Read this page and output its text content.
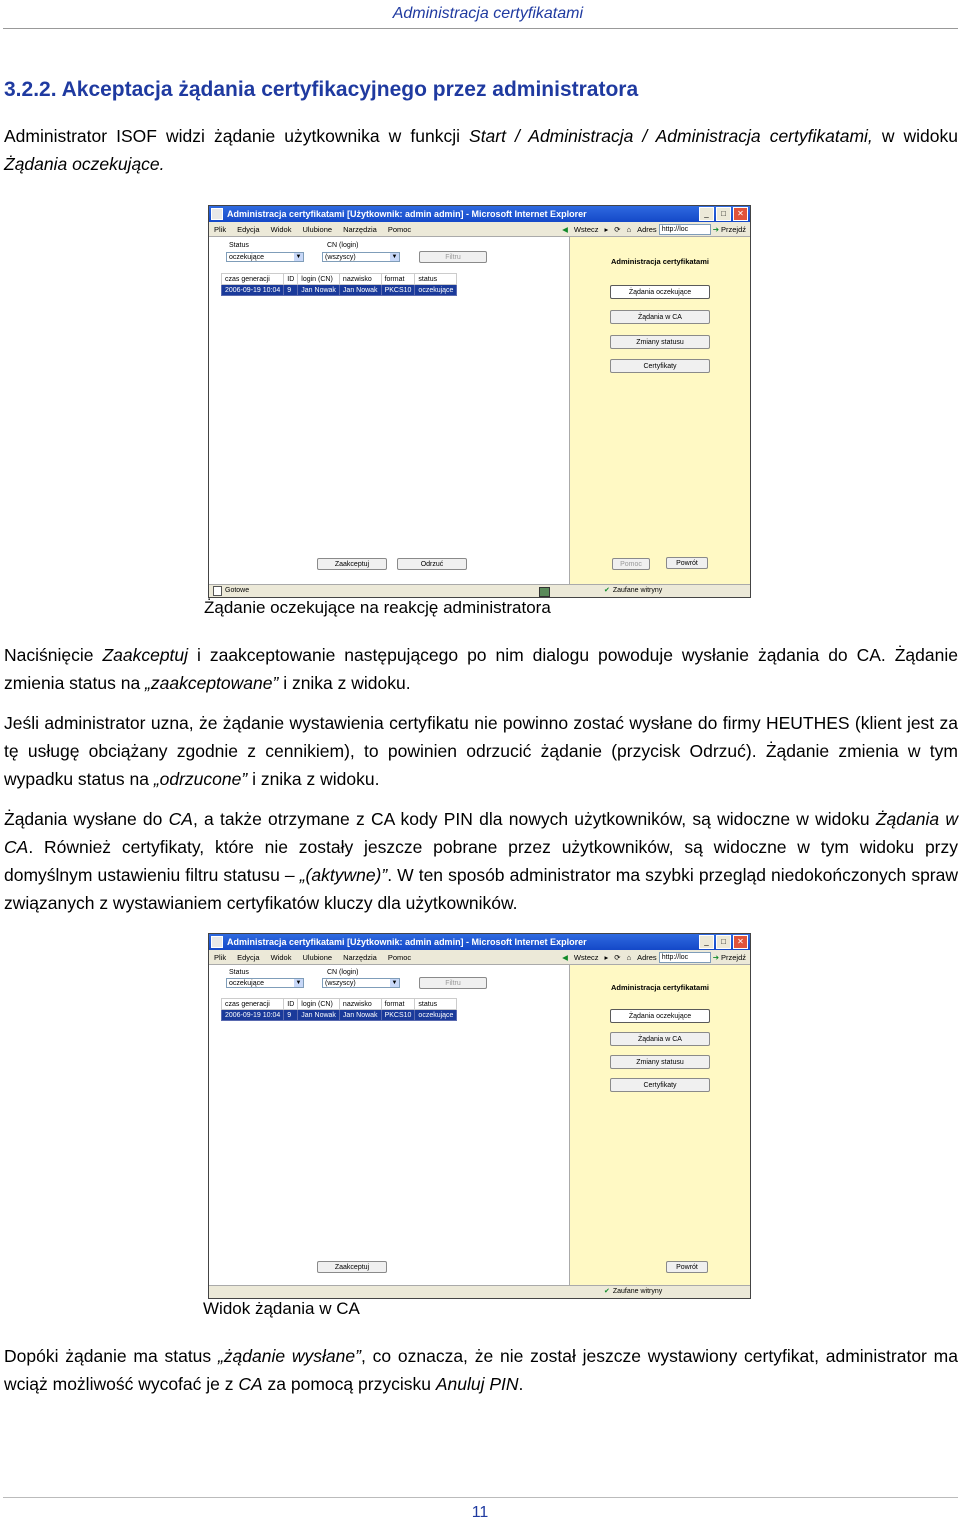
Administracja certyfikatami
3.2.2. Akceptacja żądania certyfikacyjnego przez administratora

Administrator ISOF widzi żądanie użytkownika w funkcji Start / Administracja / Administracja certyfikatami, w widoku Żądania oczekujące.

Administracja certyfikatami [Użytkownik: admin admin] - Microsoft Internet Explorer	_	□	✕
Plik Edycja Widok Ulubione Narzędzia Pomoc	◀ Wstecz ▸ ⟳ ⌂ Adres http://loc	➔ Przejdź
Status
oczekujące	▼
CN (login)
(wszyscy)	▼	Filtru
czas generacji	ID	login (CN)	nazwisko	format	status
2006-09-19 10:04	9	Jan Nowak	Jan Nowak	PKCS10	oczekujące
Zaakceptuj	Odrzuć
Administracja certyfikatami
Żądania oczekujące
Żądania w CA
Zmiany statusu
Certyfikaty
Pomoc	Powrót
Gotowe	✔ Zaufane witryny
Żądanie oczekujące na reakcję administratora

Naciśnięcie Zaakceptuj i zaakceptowanie następującego po nim dialogu powoduje wysłanie żądania do CA. Żądanie zmienia status na „zaakceptowane” i znika z widoku.

Jeśli administrator uzna, że żądanie wystawienia certyfikatu nie powinno zostać wysłane do firmy HEUTHES (klient jest za tę usługę obciążany zgodnie z cennikiem), to powinien odrzucić żądanie (przycisk Odrzuć). Żądanie zmienia w tym wypadku status na „odrzucone” i znika z widoku.

Żądania wysłane do CA, a także otrzymane z CA kody PIN dla nowych użytkowników, są widoczne w widoku Żądania w CA. Również certyfikaty, które nie zostały jeszcze pobrane przez użytkowników, są widoczne w tym widoku przy domyślnym ustawieniu filtru statusu – „(aktywne)”. W ten sposób administrator ma szybki przegląd niedokończonych spraw związanych z wystawianiem certyfikatów kluczy dla użytkowników.

Administracja certyfikatami [Użytkownik: admin admin] - Microsoft Internet Explorer	_	□	✕
Plik Edycja Widok Ulubione Narzędzia Pomoc	◀ Wstecz ▸ ⟳ ⌂ Adres http://loc	➔ Przejdź
Status
oczekujące	▼
CN (login)
(wszyscy)	▼	Filtru
czas generacji	ID	login (CN)	nazwisko	format	status
2006-09-19 10:04	9	Jan Nowak	Jan Nowak	PKCS10	oczekujące
Zaakceptuj
Administracja certyfikatami
Żądania oczekujące
Żądania w CA
Zmiany statusu
Certyfikaty
Powrót
✔ Zaufane witryny
Widok żądania w CA

Dopóki żądanie ma status „żądanie wysłane”, co oznacza, że nie został jeszcze wystawiony certyfikat, administrator ma wciąż możliwość wycofać je z CA za pomocą przycisku Anuluj PIN.

11
